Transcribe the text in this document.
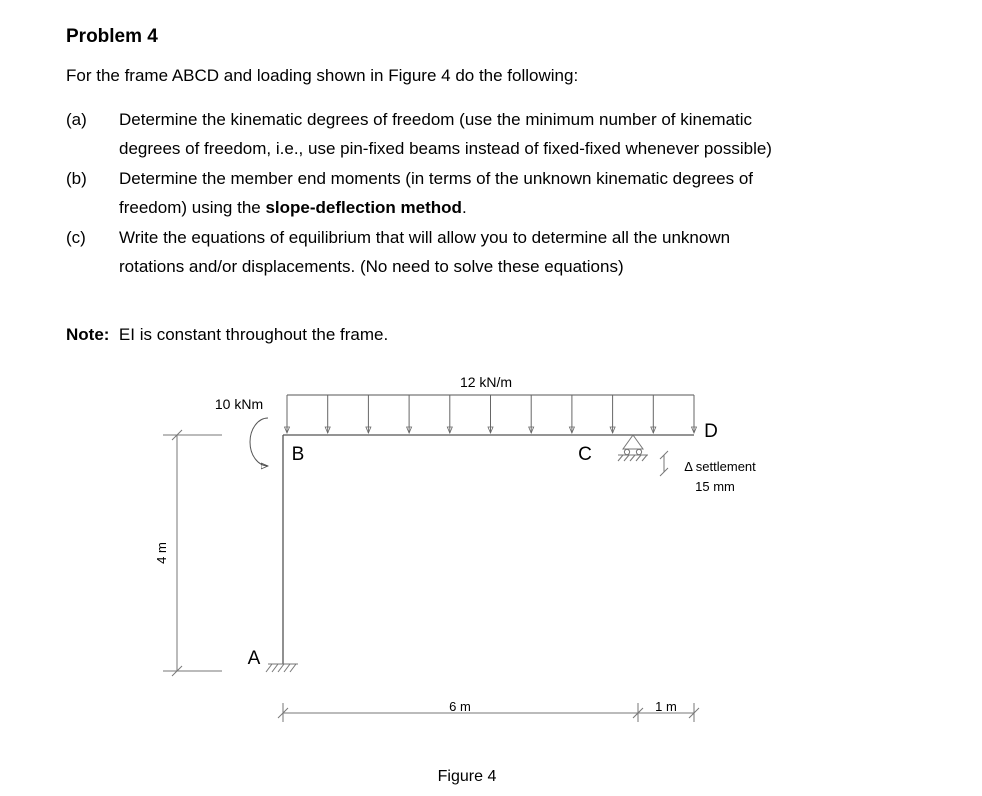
Problem 4
For the frame ABCD and loading shown in Figure 4 do the following:
(a) Determine the kinematic degrees of freedom (use the minimum number of kinematic
degrees of freedom, i.e., use pin-fixed beams instead of fixed-fixed whenever possible)
(b) Determine the member end moments (in terms of the unknown kinematic degrees of
freedom) using the slope-deflection method.
(c) Write the equations of equilibrium that will allow you to determine all the unknown
rotations and/or displacements. (No need to solve these equations)
Note: EI is constant throughout the frame.
12 kN/m
10 kNm
A
B	C
D
Δ settlement
15 mm
4 m
6 m	1 m
Figure 4
